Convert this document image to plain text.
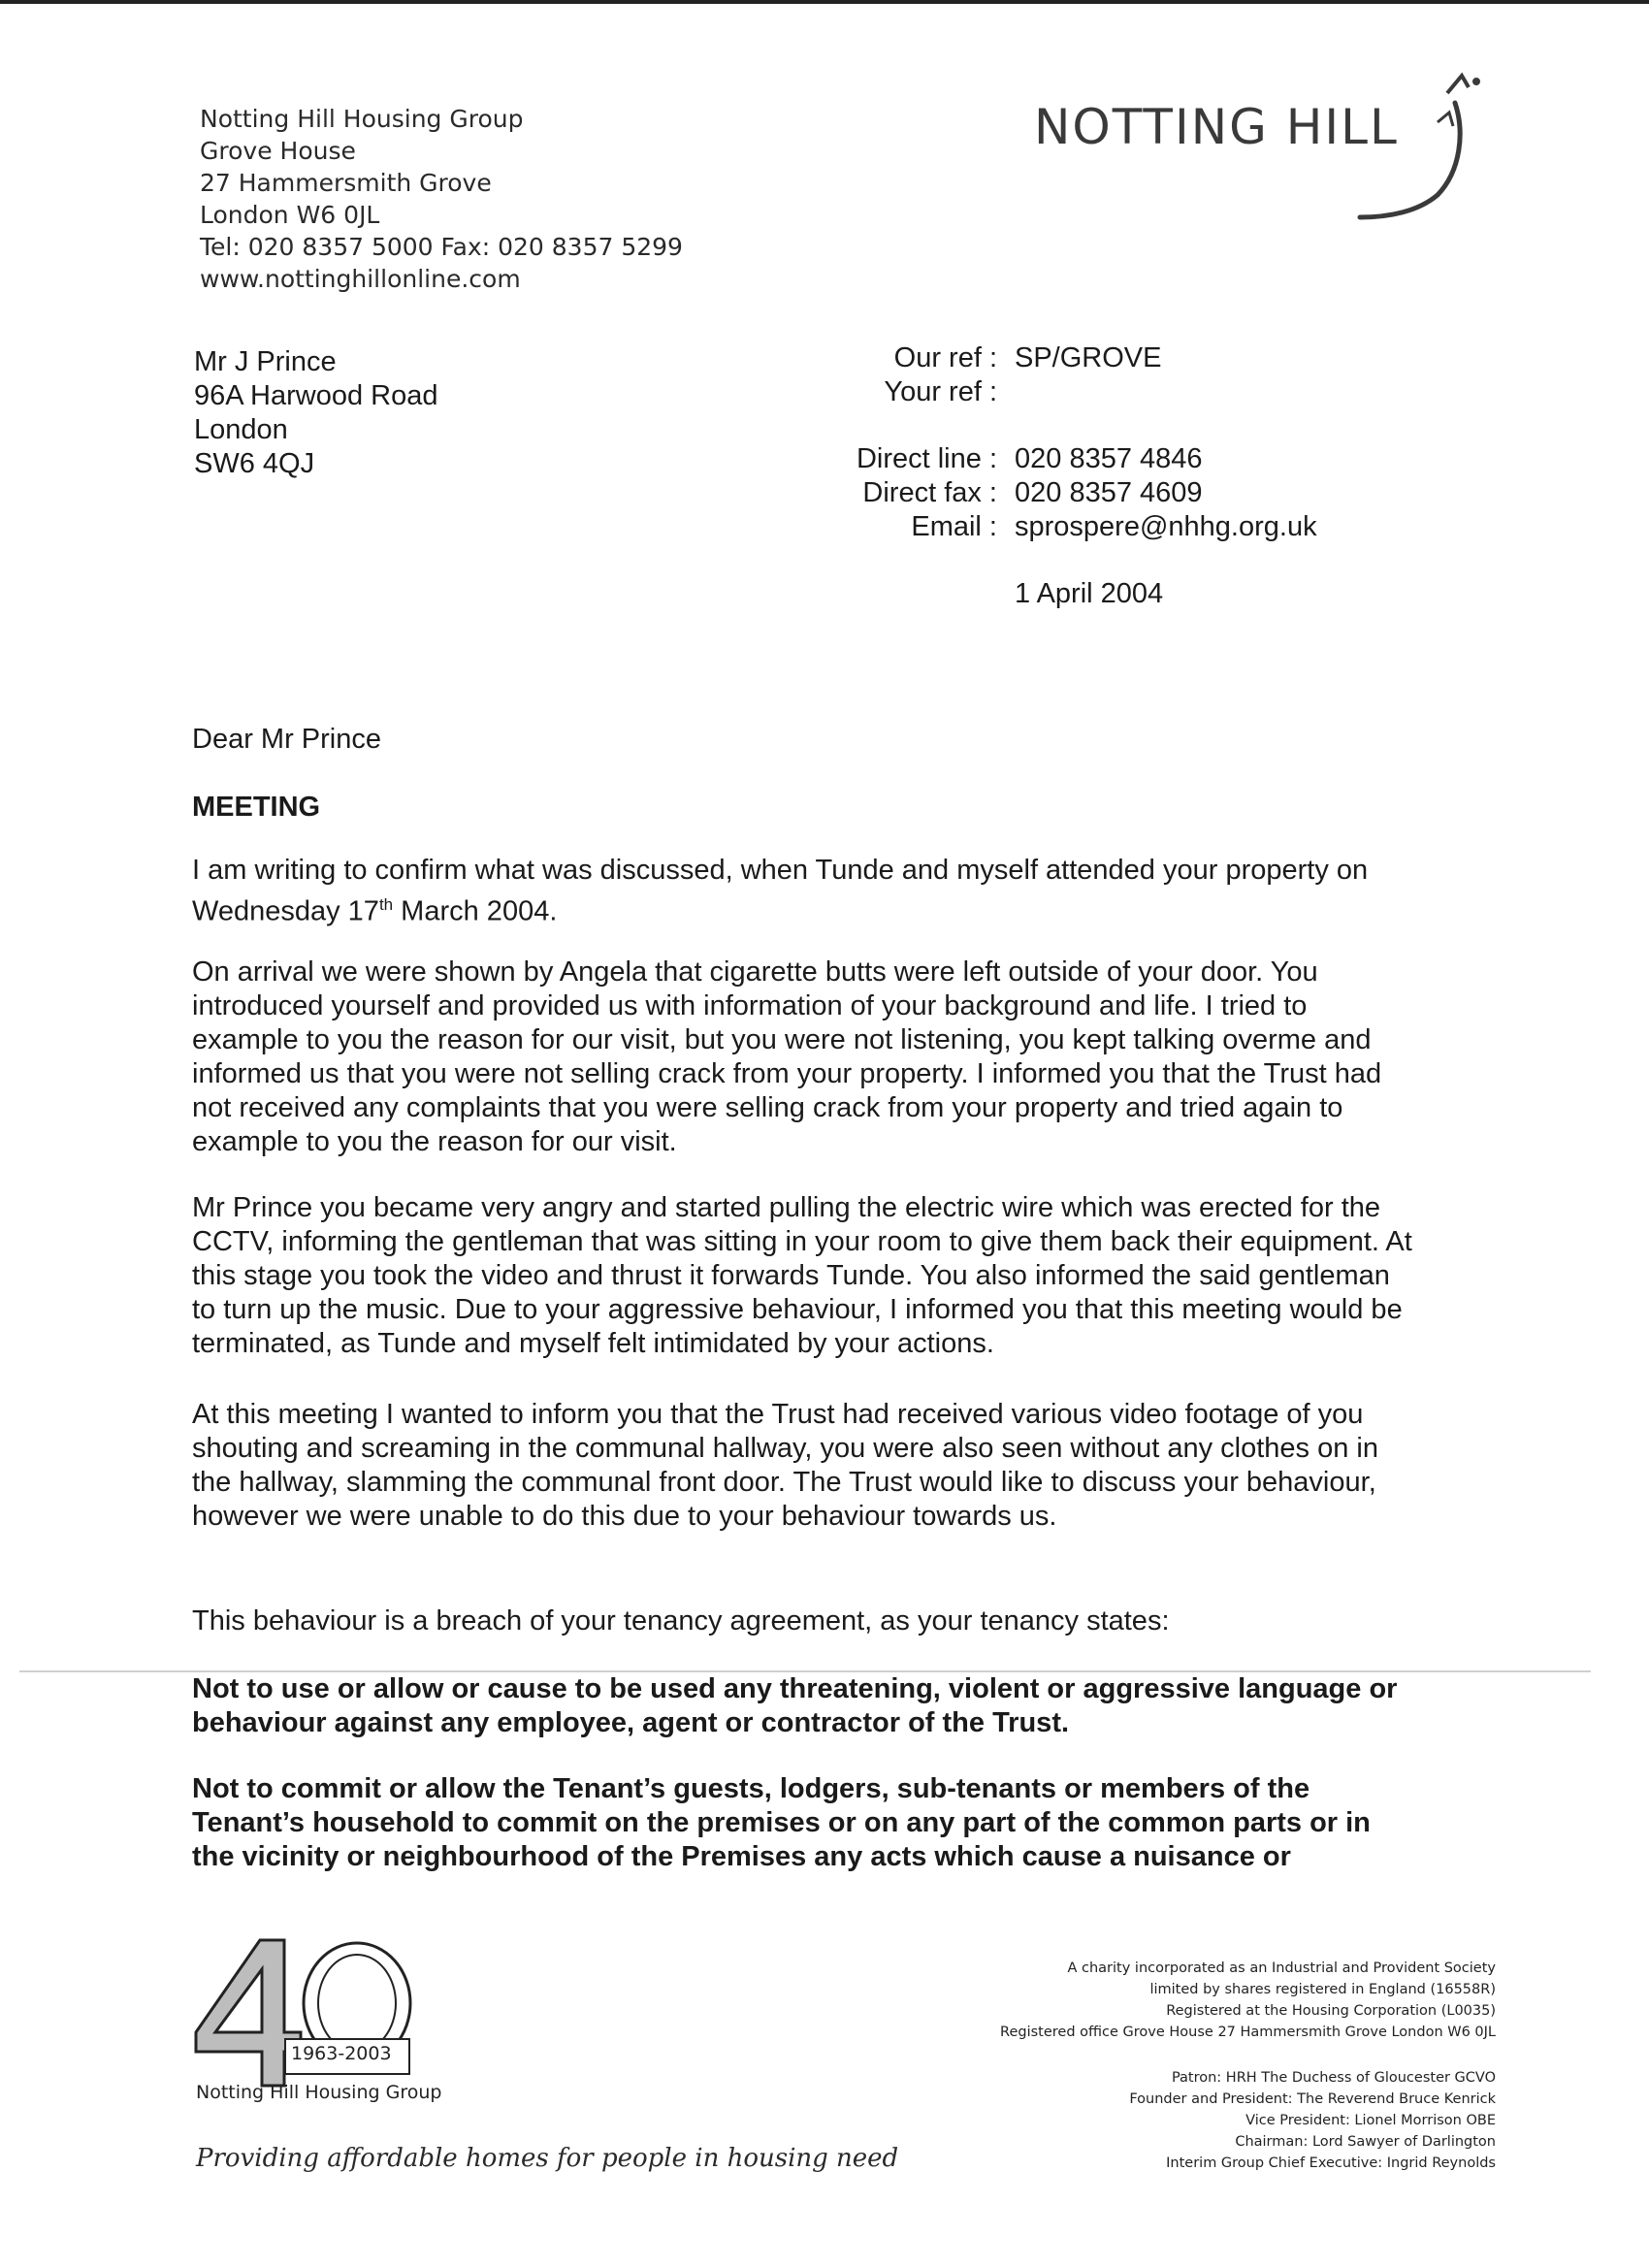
Notting Hill Housing Group
Grove House
27 Hammersmith Grove
London W6 0JL
Tel: 020 8357 5000 Fax: 020 8357 5299
www.nottinghillonline.com
NOTTING HILL
Mr J Prince
96A Harwood Road
London
SW6 4QJ
Our ref : SP/GROVE
Your ref :
Direct line : 020 8357 4846
Direct fax : 020 8357 4609
Email : sprospere@nhhg.org.uk
1 April 2004
Dear Mr Prince
MEETING
I am writing to confirm what was discussed, when Tunde and myself attended your property on Wednesday 17th March 2004.
On arrival we were shown by Angela that cigarette butts were left outside of your door. You introduced yourself and provided us with information of your background and life. I tried to example to you the reason for our visit, but you were not listening, you kept talking overme and informed us that you were not selling crack from your property. I informed you that the Trust had not received any complaints that you were selling crack from your property and tried again to example to you the reason for our visit.
Mr Prince you became very angry and started pulling the electric wire which was erected for the CCTV, informing the gentleman that was sitting in your room to give them back their equipment. At this stage you took the video and thrust it forwards Tunde. You also informed the said gentleman to turn up the music. Due to your aggressive behaviour, I informed you that this meeting would be terminated, as Tunde and myself felt intimidated by your actions.
At this meeting I wanted to inform you that the Trust had received various video footage of you shouting and screaming in the communal hallway, you were also seen without any clothes on in the hallway, slamming the communal front door. The Trust would like to discuss your behaviour, however we were unable to do this due to your behaviour towards us.
This behaviour is a breach of your tenancy agreement, as your tenancy states:
Not to use or allow or cause to be used any threatening, violent or aggressive language or behaviour against any employee, agent or contractor of the Trust.
Not to commit or allow the Tenant’s guests, lodgers, sub-tenants or members of the Tenant’s household to commit on the premises or on any part of the common parts or in the vicinity or neighbourhood of the Premises any acts which cause a nuisance or
1963-2003
Notting Hill Housing Group
Providing affordable homes for people in housing need
A charity incorporated as an Industrial and Provident Society
limited by shares registered in England (16558R)
Registered at the Housing Corporation (L0035)
Registered office Grove House 27 Hammersmith Grove London W6 0JL
Patron: HRH The Duchess of Gloucester GCVO
Founder and President: The Reverend Bruce Kenrick
Vice President: Lionel Morrison OBE
Chairman: Lord Sawyer of Darlington
Interim Group Chief Executive: Ingrid Reynolds
